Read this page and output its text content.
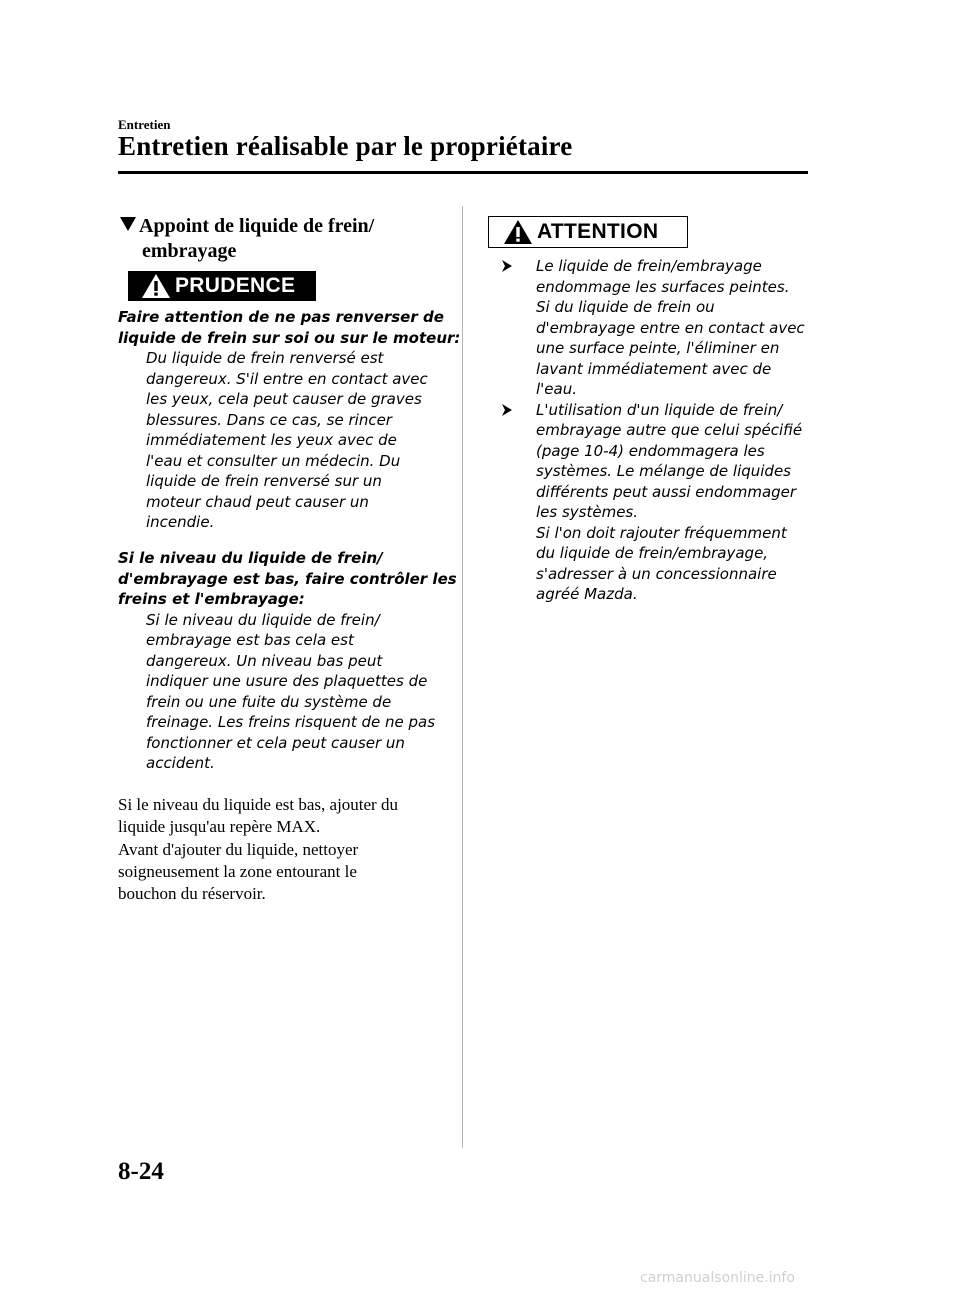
Entretien
Entretien réalisable par le propriétaire
Appoint de liquide de frein/
embrayage
PRUDENCE
Faire attention de ne pas renverser de
liquide de frein sur soi ou sur le moteur:
Du liquide de frein renversé est
dangereux. S'il entre en contact avec
les yeux, cela peut causer de graves
blessures. Dans ce cas, se rincer
immédiatement les yeux avec de
l'eau et consulter un médecin. Du
liquide de frein renversé sur un
moteur chaud peut causer un
incendie.
Si le niveau du liquide de frein/
d'embrayage est bas, faire contrôler les
freins et l'embrayage:
Si le niveau du liquide de frein/
embrayage est bas cela est
dangereux. Un niveau bas peut
indiquer une usure des plaquettes de
frein ou une fuite du système de
freinage. Les freins risquent de ne pas
fonctionner et cela peut causer un
accident.
Si le niveau du liquide est bas, ajouter du
liquide jusqu'au repère MAX.
Avant d'ajouter du liquide, nettoyer
soigneusement la zone entourant le
bouchon du réservoir.
ATTENTION
Le liquide de frein/embrayage
endommage les surfaces peintes.
Si du liquide de frein ou
d'embrayage entre en contact avec
une surface peinte, l'éliminer en
lavant immédiatement avec de
l'eau.
L'utilisation d'un liquide de frein/
embrayage autre que celui spécifié
(page 10-4) endommagera les
systèmes. Le mélange de liquides
différents peut aussi endommager
les systèmes.
Si l'on doit rajouter fréquemment
du liquide de frein/embrayage,
s'adresser à un concessionnaire
agréé Mazda.
8-24
carmanualsonline.info
